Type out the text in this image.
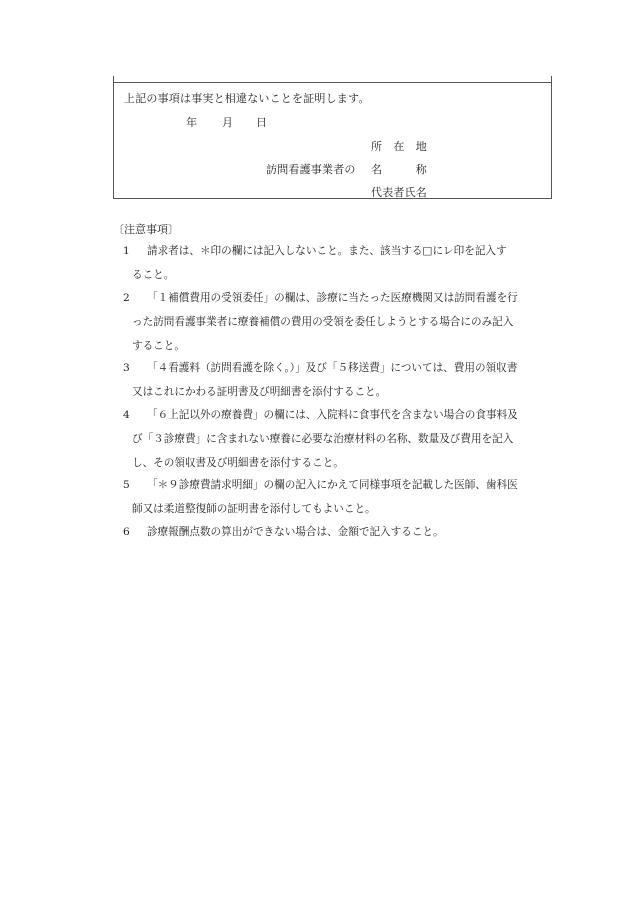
上記の事項は事実と相違ないことを証明します。
年 月 日
所　在　地
訪問看護事業者の 名　　　称
代表者氏名
〔注意事項〕
1	請求者は、＊印の欄には記入しないこと。また、該当する□にレ印を記入す
ること。
2	「１補償費用の受領委任」の欄は、診療に当たった医療機関又は訪問看護を行
った訪問看護事業者に療養補償の費用の受領を委任しようとする場合にのみ記入
すること。
3	「４看護料（訪問看護を除く。）」及び「５移送費」については、費用の領収書
又はこれにかわる証明書及び明細書を添付すること。
4	「６上記以外の療養費」の欄には、入院料に食事代を含まない場合の食事料及
び「３診療費」に含まれない療養に必要な治療材料の名称、数量及び費用を記入
し、その領収書及び明細書を添付すること。
5	「＊９診療費請求明細」の欄の記入にかえて同様事項を記載した医師、歯科医
師又は柔道整復師の証明書を添付してもよいこと。
6	診療報酬点数の算出ができない場合は、金額で記入すること。
